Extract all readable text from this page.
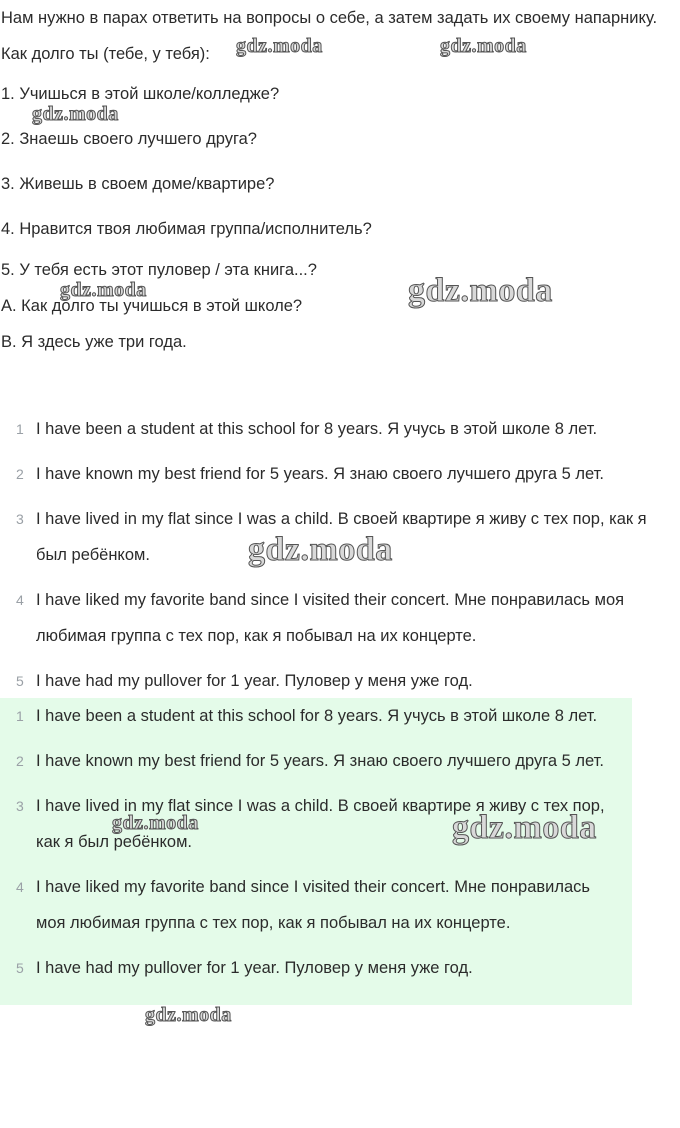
Нам нужно в парах ответить на вопросы о себе, а затем задать их своему напарнику.

Как долго ты (тебе, у тебя):

1. Учишься в этой школе/колледже?

2. Знаешь своего лучшего друга?

3. Живешь в своем доме/квартире?

4. Нравится твоя любимая группа/исполнитель?

5. У тебя есть этот пуловер / эта книга...?

A. Как долго ты учишься в этой школе?

B. Я здесь уже три года.

1 I have been a student at this school for 8 years. Я учусь в этой школе 8 лет.
2 I have known my best friend for 5 years. Я знаю своего лучшего друга 5 лет.
3 I have lived in my flat since I was a child. В своей квартире я живу с тех пор, как я был ребёнком.
4 I have liked my favorite band since I visited their concert. Мне понравилась моя любимая группа с тех пор, как я побывал на их концерте.
5 I have had my pullover for 1 year. Пуловер у меня уже год.
1 I have been a student at this school for 8 years. Я учусь в этой школе 8 лет.
2 I have known my best friend for 5 years. Я знаю своего лучшего друга 5 лет.
3 I have lived in my flat since I was a child. В своей квартире я живу с тех пор, как я был ребёнком.
4 I have liked my favorite band since I visited their concert. Мне понравилась моя любимая группа с тех пор, как я побывал на их концерте.
5 I have had my pullover for 1 year. Пуловер у меня уже год.
gdz.moda	gdz.moda
gdz.moda
gdz.moda	gdz.moda
gdz.moda
gdz.moda	gdz.moda
gdz.moda
